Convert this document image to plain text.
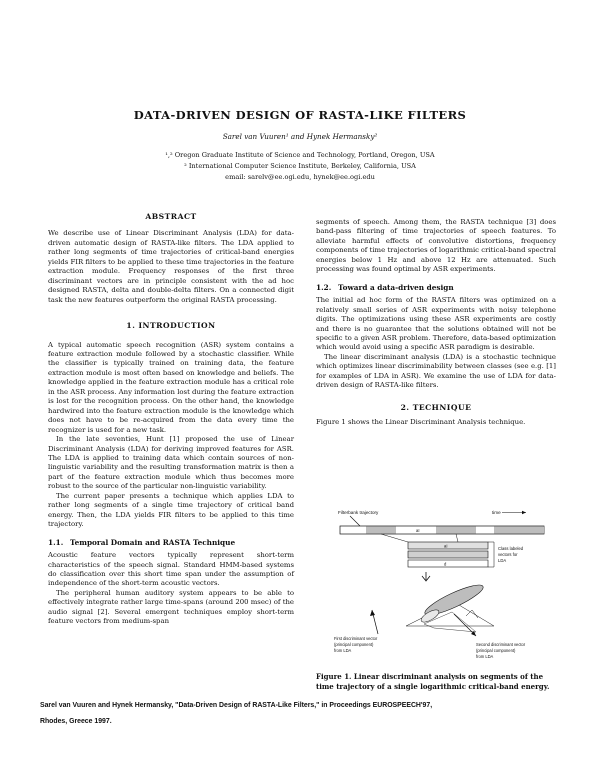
DATA-DRIVEN DESIGN OF RASTA-LIKE FILTERS
Sarel van Vuuren¹ and Hynek Hermansky²
¹,² Oregon Graduate Institute of Science and Technology, Portland, Oregon, USA
² International Computer Science Institute, Berkeley, California, USA
email: sarelv@ee.ogi.edu, hynek@ee.ogi.edu
ABSTRACT

We describe use of Linear Discriminant Analysis (LDA) for data-driven automatic design of RASTA-like filters. The LDA applied to rather long segments of time trajectories of critical-band energies yields FIR filters to be applied to these time trajectories in the feature extraction module. Frequency responses of the first three discriminant vectors are in principle consistent with the ad hoc designed RASTA, delta and double-delta filters. On a connected digit task the new features outperform the original RASTA processing.

1. INTRODUCTION

A typical automatic speech recognition (ASR) system contains a feature extraction module followed by a stochastic classifier. While the classifier is typically trained on training data, the feature extraction module is most often based on knowledge and beliefs. The knowledge applied in the feature extraction module has a critical role in the ASR process. Any information lost during the feature extraction is lost for the recognition process. On the other hand, the knowledge hardwired into the feature extraction module is the knowledge which does not have to be re-acquired from the data every time the recognizer is used for a new task.

In the late seventies, Hunt [1] proposed the use of Linear Discriminant Analysis (LDA) for deriving improved features for ASR. The LDA is applied to training data which contain sources of non-linguistic variability and the resulting transformation matrix is then a part of the feature extraction module which thus becomes more robust to the source of the particular non-linguistic variability.

The current paper presents a technique which applies LDA to rather long segments of a single time trajectory of critical band energy. Then, the LDA yields FIR filters to be applied to this time trajectory.

1.1. Temporal Domain and RASTA Technique

Acoustic feature vectors typically represent short-term characteristics of the speech signal. Standard HMM-based systems do classification over this short time span under the assumption of independence of the short-term acoustic vectors.

The peripheral human auditory system appears to be able to effectively integrate rather large time-spans (around 200 msec) of the audio signal [2]. Several emergent techniques employ short-term feature vectors from medium-span

segments of speech. Among them, the RASTA technique [3] does band-pass filtering of time trajectories of speech features. To alleviate harmful effects of convolutive distortions, frequency components of time trajectories of logarithmic critical-band spectral energies below 1 Hz and above 12 Hz are attenuated. Such processing was found optimal by ASR experiments.

1.2. Toward a data-driven design

The initial ad hoc form of the RASTA filters was optimized on a relatively small series of ASR experiments with noisy telephone digits. The optimizations using these ASR experiments are costly and there is no guarantee that the solutions obtained will not be specific to a given ASR problem. Therefore, data-based optimization which would avoid using a specific ASR paradigm is desirable.

The linear discriminant analysis (LDA) is a stochastic technique which optimizes linear discriminability between classes (see e.g. [1] for examples of LDA in ASR). We examine the use of LDA for data-driven design of RASTA-like filters.

2. TECHNIQUE

Figure 1 shows the Linear Discriminant Analysis technique.

Filterbank trajectory	time
aI
aI
d
Class labeled
vectors for
LDA
First discriminant vector
(principal component)
from LDA
Second discriminant vector
(principal component)
from LDA
Figure 1. Linear discriminant analysis on segments of the time trajectory of a single logarithmic critical-band energy.
Sarel van Vuuren and Hynek Hermansky, "Data-Driven Design of RASTA-Like Filters," in Proceedings EUROSPEECH'97,
Rhodes, Greece 1997.
